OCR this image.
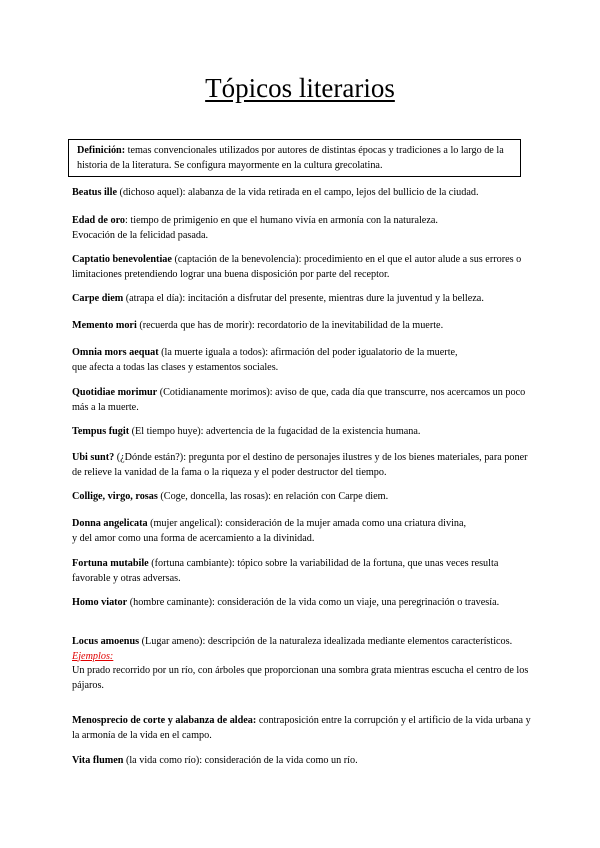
Tópicos literarios
Definición: temas convencionales utilizados por autores de distintas épocas y tradiciones a lo largo de la historia de la literatura. Se configura mayormente en la cultura grecolatina.
Beatus ille (dichoso aquel): alabanza de la vida retirada en el campo, lejos del bullicio de la ciudad.
Edad de oro: tiempo de primigenio en que el humano vivía en armonía con la naturaleza.
Evocación de la felicidad pasada.
Captatio benevolentiae (captación de la benevolencia): procedimiento en el que el autor alude a sus errores o limitaciones pretendiendo lograr una buena disposición por parte del receptor.
Carpe diem (atrapa el día): incitación a disfrutar del presente, mientras dure la juventud y la belleza.
Memento mori (recuerda que has de morir): recordatorio de la inevitabilidad de la muerte.
Omnia mors aequat (la muerte iguala a todos): afirmación del poder igualatorio de la muerte,
que afecta a todas las clases y estamentos sociales.
Quotidiae morimur (Cotidianamente morimos): aviso de que, cada día que transcurre, nos acercamos un poco más a la muerte.
Tempus fugit (El tiempo huye): advertencia de la fugacidad de la existencia humana.
Ubi sunt? (¿Dónde están?): pregunta por el destino de personajes ilustres y de los bienes materiales, para poner de relieve la vanidad de la fama o la riqueza y el poder destructor del tiempo.
Collige, virgo, rosas (Coge, doncella, las rosas): en relación con Carpe diem.
Donna angelicata (mujer angelical): consideración de la mujer amada como una criatura divina,
y del amor como una forma de acercamiento a la divinidad.
Fortuna mutabile (fortuna cambiante): tópico sobre la variabilidad de la fortuna, que unas veces resulta favorable y otras adversas.
Homo viator (hombre caminante): consideración de la vida como un viaje, una peregrinación o travesía.
Locus amoenus (Lugar ameno): descripción de la naturaleza idealizada mediante elementos característicos.
Ejemplos:
Un prado recorrido por un río, con árboles que proporcionan una sombra grata mientras escucha el centro de los pájaros.
Menosprecio de corte y alabanza de aldea: contraposición entre la corrupción y el artificio de la vida urbana y la armonía de la vida en el campo.
Vita flumen (la vida como río): consideración de la vida como un río.
